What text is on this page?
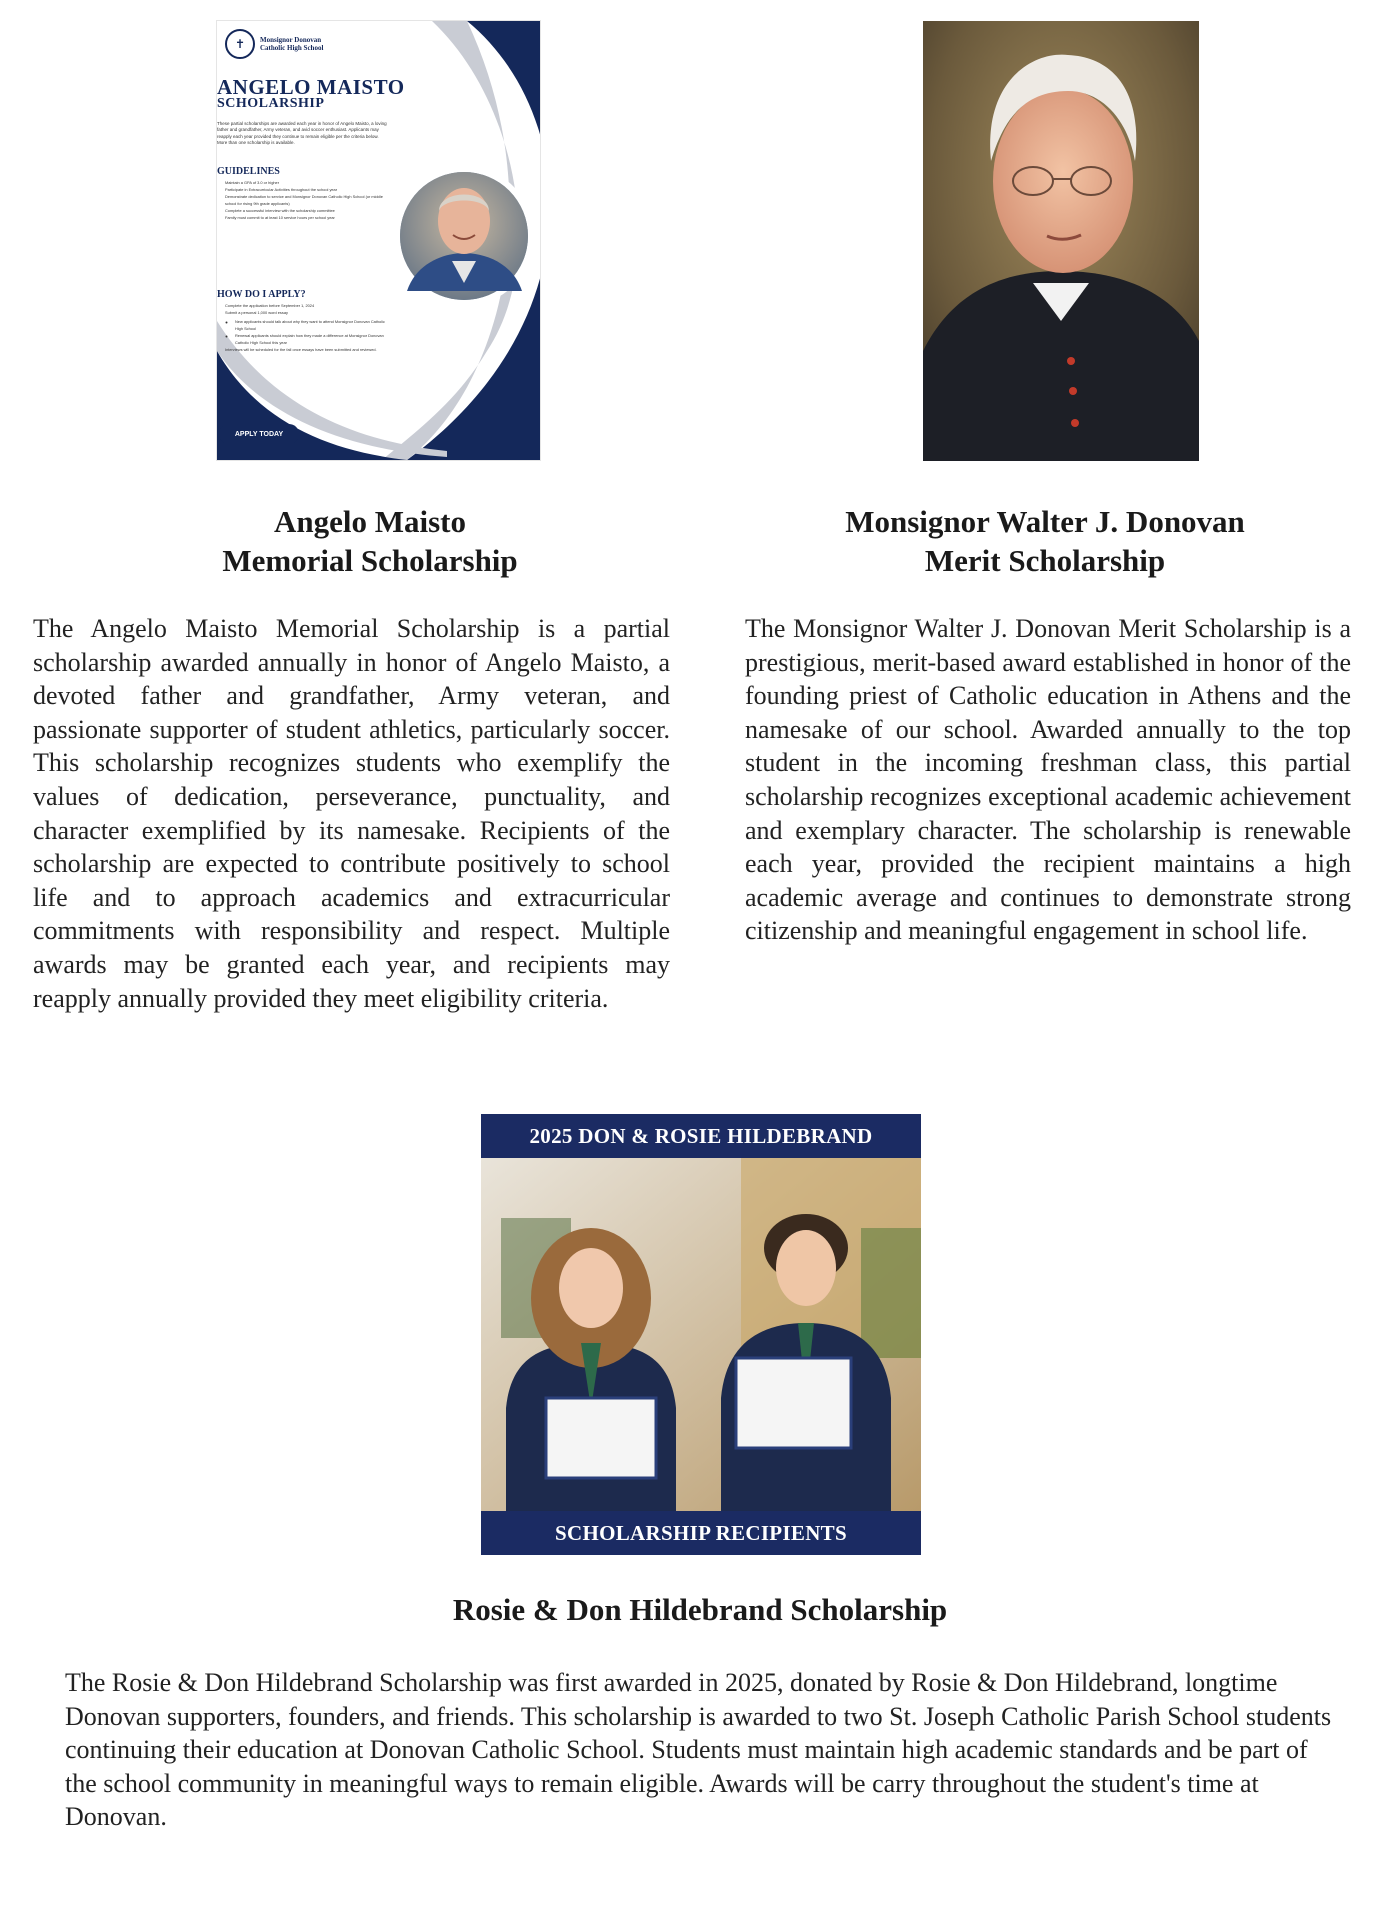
✝	Monsignor Donovan
Catholic High School
ANGELO MAISTO
SCHOLARSHIP
These partial scholarships are awarded each year in honor of Angelo Maisto, a loving father and grandfather, Army veteran, and avid soccer enthusiast. Applicants may reapply each year provided they continue to remain eligible per the criteria below. More than one scholarship is available.
GUIDELINES
• Maintain a GPA of 3.0 or higher
• Participate in Extracurricular Activities throughout the school year
• Demonstrate dedication to service and Monsignor Donovan Catholic High School (or middle school for rising 9th grade applicants)
• Complete a successful interview with the scholarship committee
• Family must commit to at least 10 service hours per school year
HOW DO I APPLY?
• Complete the application before September 1, 2024
• Submit a personal 1,000 word essay
◦ New applicants should talk about why they want to attend Monsignor Donovan Catholic High School
◦ Renewal applicants should explain how they made a difference at Monsignor Donovan Catholic High School this year
• Interviews will be scheduled for the fall once essays have been submitted and reviewed.
APPLY TODAY
Angelo Maisto
Memorial Scholarship
The Angelo Maisto Memorial Scholarship is a partial scholarship awarded annually in honor of Angelo Maisto, a devoted father and grandfather, Army veteran, and passionate supporter of student athletics, particularly soccer. This scholarship recognizes students who exemplify the values of dedication, perseverance, punctuality, and character exemplified by its namesake. Recipients of the scholarship are expected to contribute positively to school life and to approach academics and extracurricular commitments with responsibility and respect. Multiple awards may be granted each year, and recipients may reapply annually provided they meet eligibility criteria.
Monsignor Walter J. Donovan
Merit Scholarship
The Monsignor Walter J. Donovan Merit Scholarship is a prestigious, merit-based award established in honor of the founding priest of Catholic education in Athens and the namesake of our school. Awarded annually to the top student in the incoming freshman class, this partial scholarship recognizes exceptional academic achievement and exemplary character. The scholarship is renewable each year, provided the recipient maintains a high academic average and continues to demonstrate strong citizenship and meaningful engagement in school life.
2025 DON & ROSIE HILDEBRAND
SCHOLARSHIP RECIPIENTS
Rosie & Don Hildebrand Scholarship
The Rosie & Don Hildebrand Scholarship was first awarded in 2025, donated by Rosie & Don Hildebrand, longtime Donovan supporters, founders, and friends. This scholarship is awarded to two St. Joseph Catholic Parish School students continuing their education at Donovan Catholic School. Students must maintain high academic standards and be part of the school community in meaningful ways to remain eligible. Awards will be carry throughout the student's time at Donovan.
